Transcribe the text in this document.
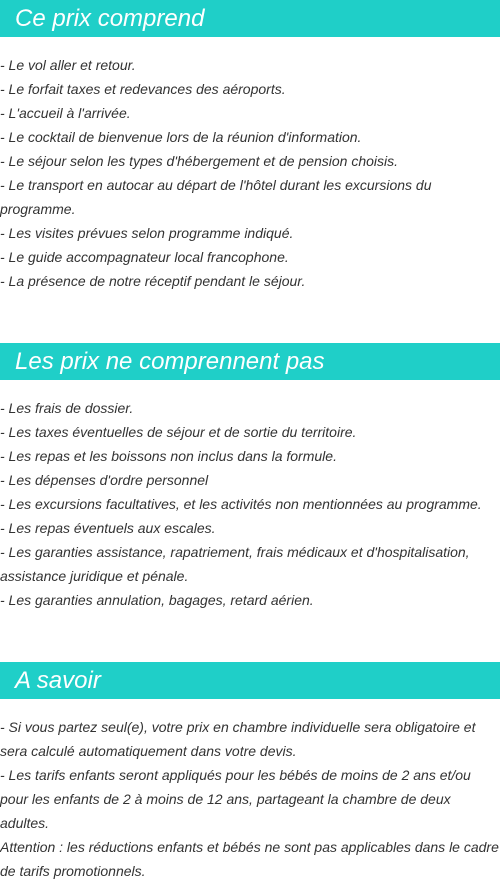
Ce prix comprend
- Le vol aller et retour.
- Le forfait taxes et redevances des aéroports.
- L'accueil à l'arrivée.
- Le cocktail de bienvenue lors de la réunion d'information.
- Le séjour selon les types d'hébergement et de pension choisis.
- Le transport en autocar au départ de l'hôtel durant les excursions du programme.
- Les visites prévues selon programme indiqué.
- Le guide accompagnateur local francophone.
- La présence de notre réceptif pendant le séjour.
Les prix ne comprennent pas
- Les frais de dossier.
- Les taxes éventuelles de séjour et de sortie du territoire.
- Les repas et les boissons non inclus dans la formule.
- Les dépenses d'ordre personnel
- Les excursions facultatives, et les activités non mentionnées au programme.
- Les repas éventuels aux escales.
- Les garanties assistance, rapatriement, frais médicaux et d'hospitalisation, assistance juridique et pénale.
- Les garanties annulation, bagages, retard aérien.
A savoir
- Si vous partez seul(e), votre prix en chambre individuelle sera obligatoire et sera calculé automatiquement dans votre devis.
- Les tarifs enfants seront appliqués pour les bébés de moins de 2 ans et/ou pour les enfants de 2 à moins de 12 ans, partageant la chambre de deux adultes.
Attention : les réductions enfants et bébés ne sont pas applicables dans le cadre de tarifs promotionnels.
